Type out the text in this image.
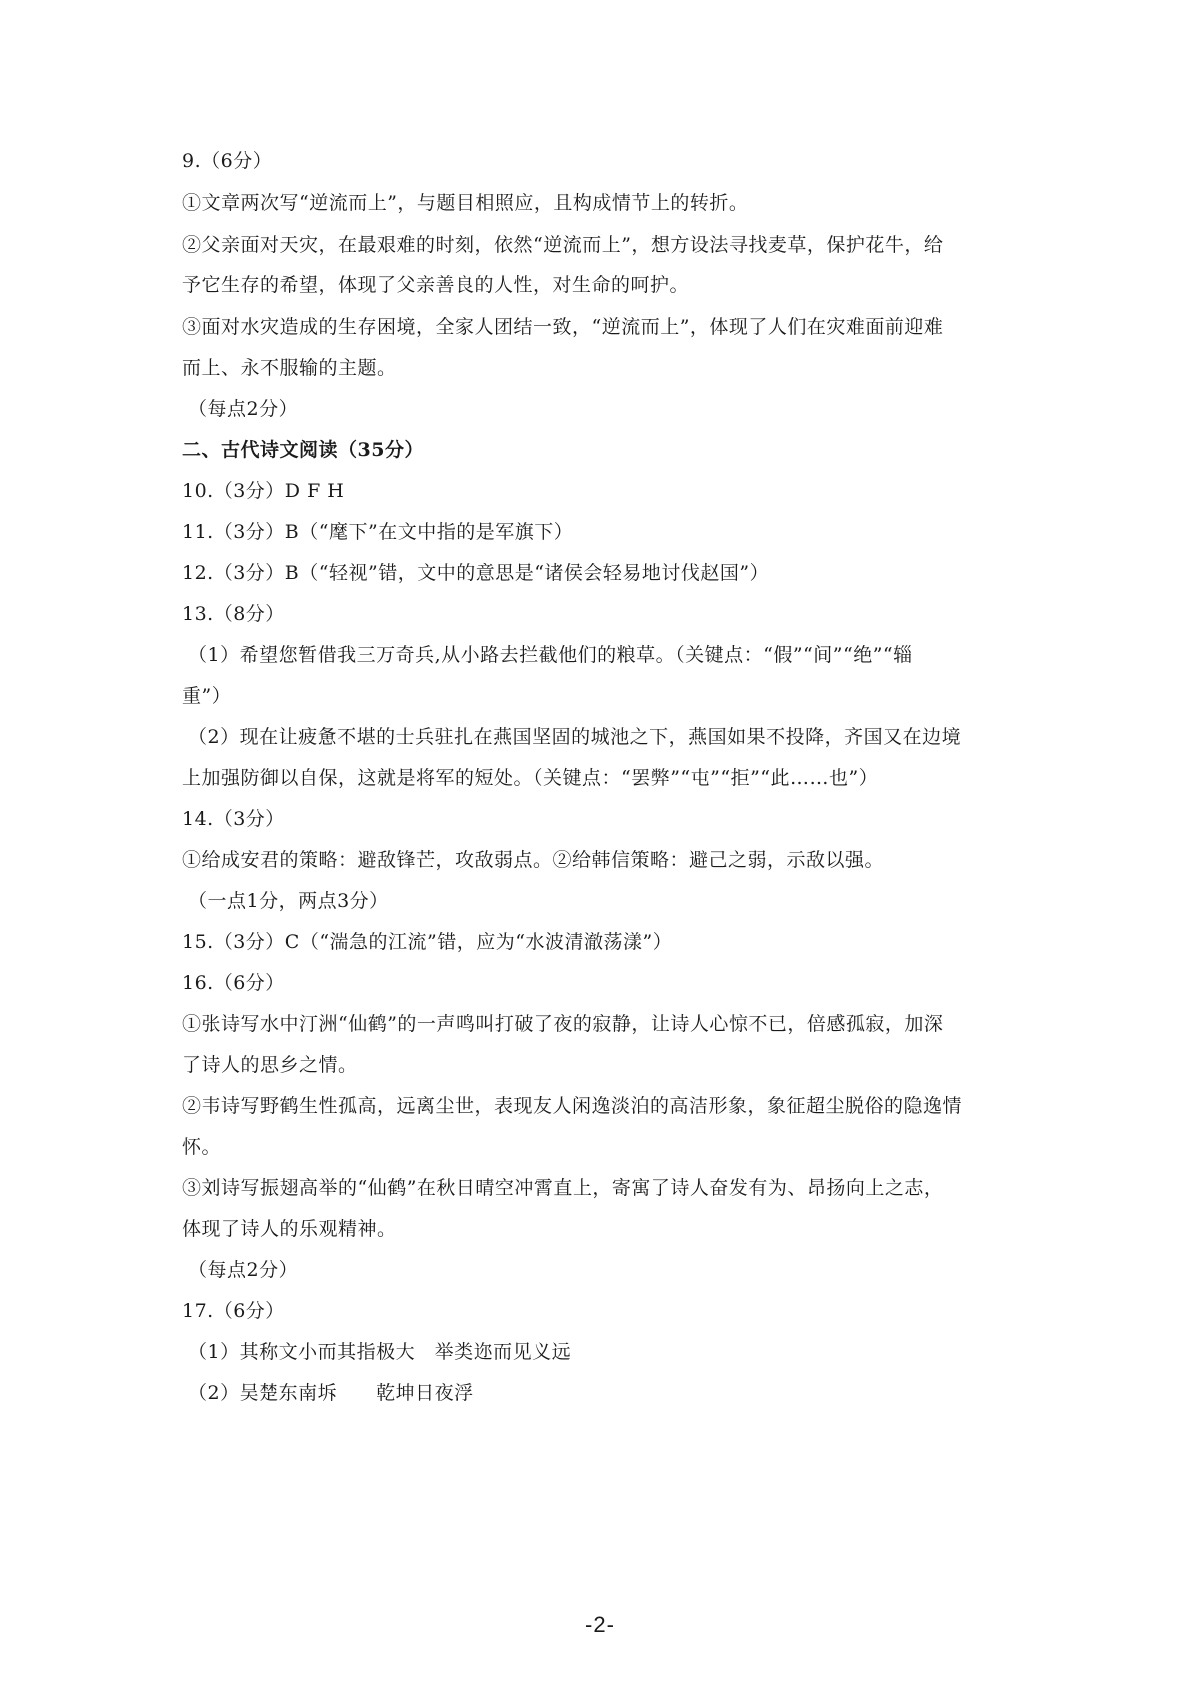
9.（6分）
①文章两次写“逆流而上”，与题目相照应，且构成情节上的转折。
②父亲面对天灾，在最艰难的时刻，依然“逆流而上”，想方设法寻找麦草，保护花牛，给
予它生存的希望，体现了父亲善良的人性，对生命的呵护。
③面对水灾造成的生存困境，全家人团结一致，“逆流而上”，体现了人们在灾难面前迎难
而上、永不服输的主题。
（每点2分）
二、古代诗文阅读（35分）
10.（3分）D F H
11.（3分）B（“麾下”在文中指的是军旗下）
12.（3分）B（“轻视”错，文中的意思是“诸侯会轻易地讨伐赵国”）
13.（8分）
（1）希望您暂借我三万奇兵,从小路去拦截他们的粮草。（关键点：“假”“间”“绝”“辎
重”）
（2）现在让疲惫不堪的士兵驻扎在燕国坚固的城池之下，燕国如果不投降，齐国又在边境
上加强防御以自保，这就是将军的短处。（关键点：“罢弊”“屯”“拒”“此……也”）
14.（3分）
①给成安君的策略：避敌锋芒，攻敌弱点。②给韩信策略：避己之弱，示敌以强。
（一点1分，两点3分）
15.（3分）C（“湍急的江流”错，应为“水波清澈荡漾”）
16.（6分）
①张诗写水中汀洲“仙鹤”的一声鸣叫打破了夜的寂静，让诗人心惊不已，倍感孤寂，加深
了诗人的思乡之情。
②韦诗写野鹤生性孤高，远离尘世，表现友人闲逸淡泊的高洁形象，象征超尘脱俗的隐逸情
怀。
③刘诗写振翅高举的“仙鹤”在秋日晴空冲霄直上，寄寓了诗人奋发有为、昂扬向上之志，
体现了诗人的乐观精神。
（每点2分）
17.（6分）
（1）其称文小而其指极大　举类迩而见义远
（2）吴楚东南坼　　乾坤日夜浮
-2-
